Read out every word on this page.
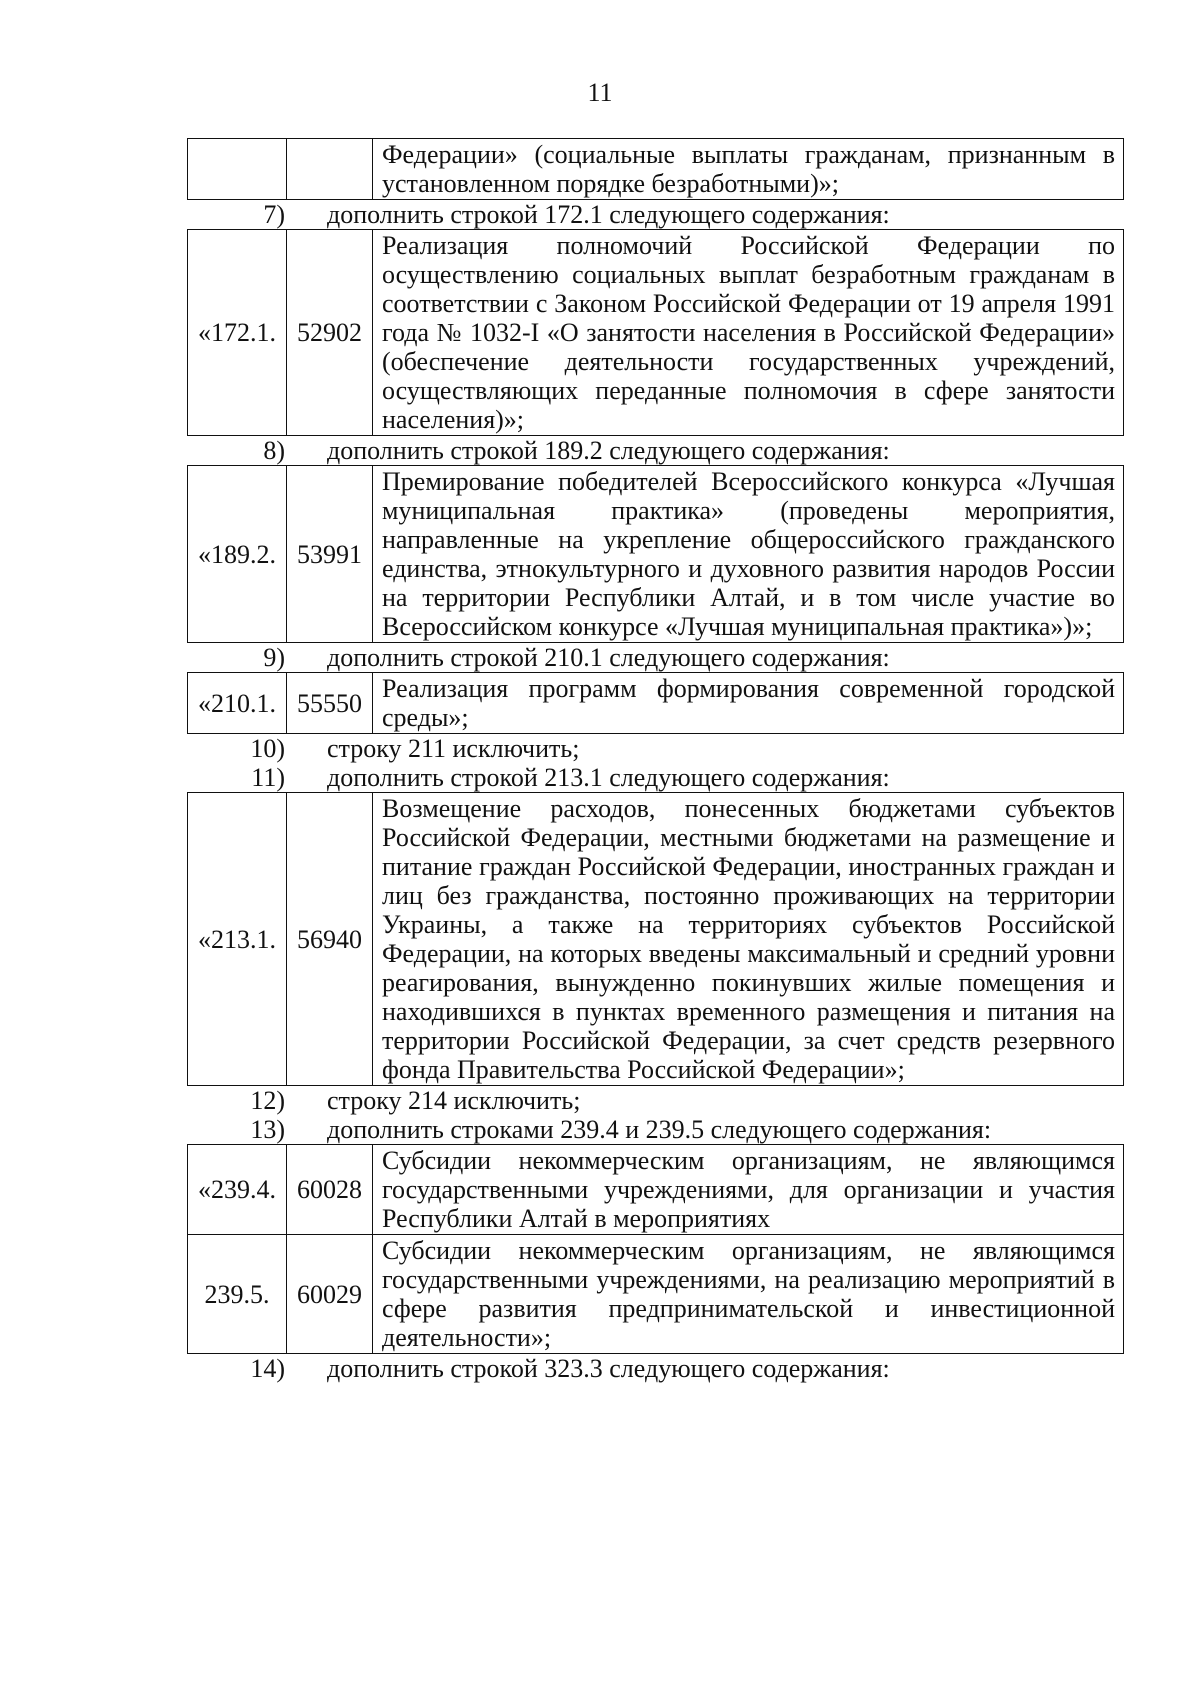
11
		Федерации» (социальные выплаты гражданам, признанным в установленном порядке безработными)»;
7) дополнить строкой 172.1 следующего содержания:
«172.1.	52902	Реализация полномочий Российской Федерации по осуществлению социальных выплат безработным гражданам в соответствии с Законом Российской Федерации от 19 апреля 1991 года № 1032-I «О занятости населения в Российской Федерации» (обеспечение деятельности государственных учреждений, осуществляющих переданные полномочия в сфере занятости населения)»;
8) дополнить строкой 189.2 следующего содержания:
«189.2.	53991	Премирование победителей Всероссийского конкурса «Лучшая муниципальная практика» (проведены мероприятия, направленные на укрепление общероссийского гражданского единства, этнокультурного и духовного развития народов России на территории Республики Алтай, и в том числе участие во Всероссийском конкурсе «Лучшая муниципальная практика»)»;
9) дополнить строкой 210.1 следующего содержания:
«210.1.	55550	Реализация программ формирования современной городской среды»;
10) строку 211 исключить;
11) дополнить строкой 213.1 следующего содержания:
«213.1.	56940	Возмещение расходов, понесенных бюджетами субъектов Российской Федерации, местными бюджетами на размещение и питание граждан Российской Федерации, иностранных граждан и лиц без гражданства, постоянно проживающих на территории Украины, а также на территориях субъектов Российской Федерации, на которых введены максимальный и средний уровни реагирования, вынужденно покинувших жилые помещения и находившихся в пунктах временного размещения и питания на территории Российской Федерации, за счет средств резервного фонда Правительства Российской Федерации»;
12) строку 214 исключить;
13) дополнить строками 239.4 и 239.5 следующего содержания:
«239.4.	60028	Субсидии некоммерческим организациям, не являющимся государственными учреждениями, для организации и участия Республики Алтай в мероприятиях
239.5.	60029	Субсидии некоммерческим организациям, не являющимся государственными учреждениями, на реализацию мероприятий в сфере развития предпринимательской и инвестиционной деятельности»;
14) дополнить строкой 323.3 следующего содержания:
